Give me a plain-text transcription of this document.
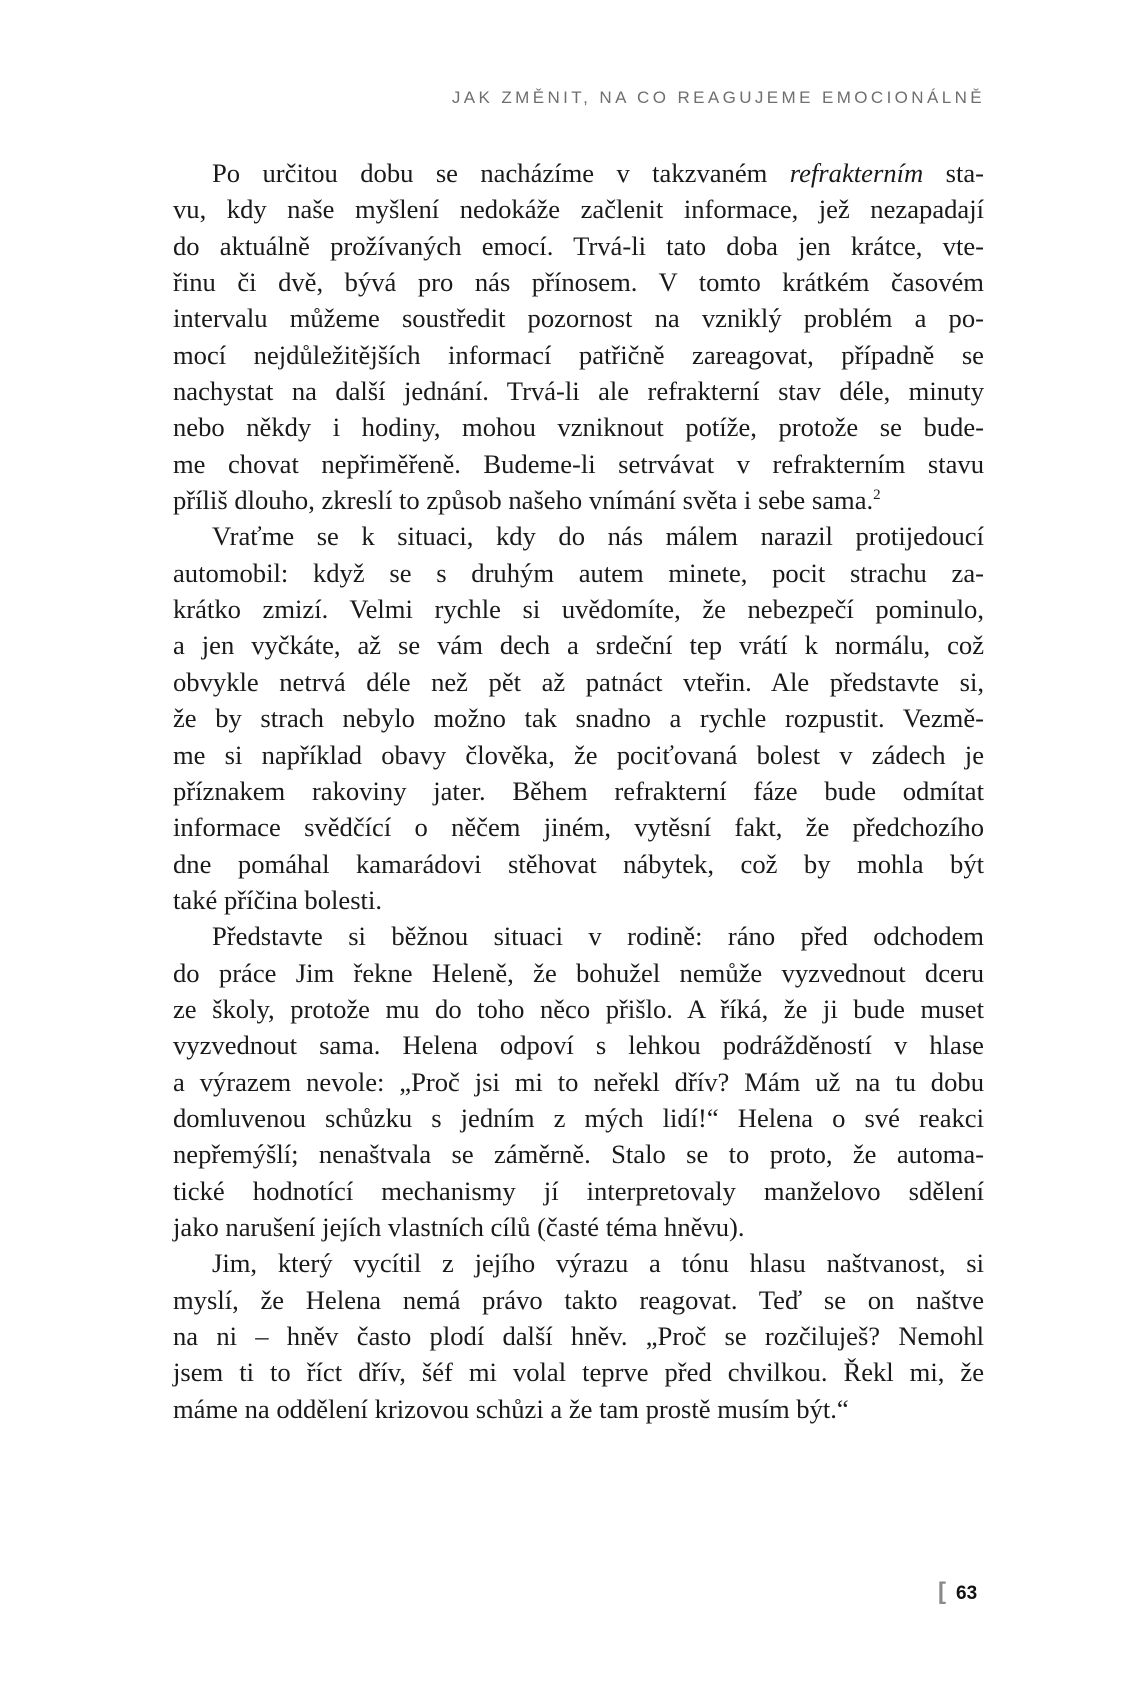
JAK ZMĚNIT, NA CO REAGUJEME EMOCIONÁLNĚ
Po určitou dobu se nacházíme v takzvaném refrakterním sta-
vu, kdy naše myšlení nedokáže začlenit informace, jež nezapadají
do aktuálně prožívaných emocí. Trvá-li tato doba jen krátce, vte-
řinu či dvě, bývá pro nás přínosem. V tomto krátkém časovém
intervalu můžeme soustředit pozornost na vzniklý problém a po-
mocí nejdůležitějších informací patřičně zareagovat, případně se
nachystat na další jednání. Trvá-li ale refrakterní stav déle, minuty
nebo někdy i hodiny, mohou vzniknout potíže, protože se bude-
me chovat nepřiměřeně. Budeme-li setrvávat v refrakterním stavu
příliš dlouho, zkreslí to způsob našeho vnímání světa i sebe sama.$^2$
Vraťme se k situaci, kdy do nás málem narazil protijedoucí
automobil: když se s druhým autem minete, pocit strachu za-
krátko zmizí. Velmi rychle si uvědomíte, že nebezpečí pominulo,
a jen vyčkáte, až se vám dech a srdeční tep vrátí k normálu, což
obvykle netrvá déle než pět až patnáct vteřin. Ale představte si,
že by strach nebylo možno tak snadno a rychle rozpustit. Vezmě-
me si například obavy člověka, že pociťovaná bolest v zádech je
příznakem rakoviny jater. Během refrakterní fáze bude odmítat
informace svědčící o něčem jiném, vytěsní fakt, že předchozího
dne pomáhal kamarádovi stěhovat nábytek, což by mohla být
také příčina bolesti.
Představte si běžnou situaci v rodině: ráno před odchodem
do práce Jim řekne Heleně, že bohužel nemůže vyzvednout dceru
ze školy, protože mu do toho něco přišlo. A říká, že ji bude muset
vyzvednout sama. Helena odpoví s lehkou podrážděností v hlase
a výrazem nevole: „Proč jsi mi to neřekl dřív? Mám už na tu dobu
domluvenou schůzku s jedním z mých lidí!“ Helena o své reakci
nepřemýšlí; nenaštvala se záměrně. Stalo se to proto, že automa-
tické hodnotící mechanismy jí interpretovaly manželovo sdělení
jako narušení jejích vlastních cílů (časté téma hněvu).
Jim, který vycítil z jejího výrazu a tónu hlasu naštvanost, si
myslí, že Helena nemá právo takto reagovat. Teď se on naštve
na ni – hněv často plodí další hněv. „Proč se rozčiluješ? Nemohl
jsem ti to říct dřív, šéf mi volal teprve před chvilkou. Řekl mi, že
máme na oddělení krizovou schůzi a že tam prostě musím být.“
[ 63
